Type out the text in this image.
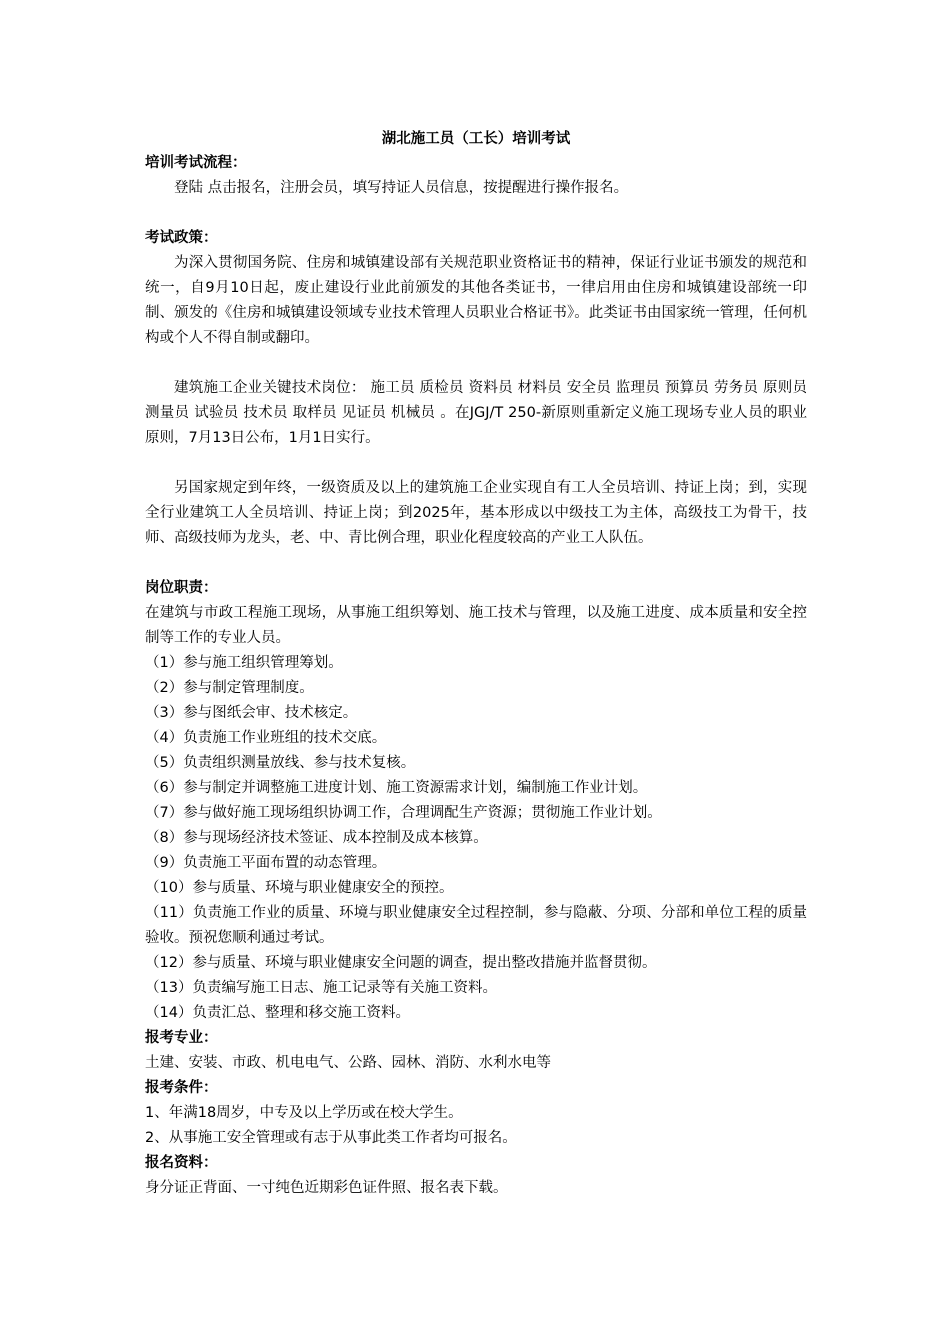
湖北施工员（工长）培训考试

培训考试流程：

登陆 点击报名，注册会员，填写持证人员信息，按提醒进行操作报名。

考试政策：

为深入贯彻国务院、住房和城镇建设部有关规范职业资格证书的精神，保证行业证书颁发的规范和统一，自9月10日起，废止建设行业此前颁发的其他各类证书，一律启用由住房和城镇建设部统一印制、颁发的《住房和城镇建设领域专业技术管理人员职业合格证书》。此类证书由国家统一管理，任何机构或个人不得自制或翻印。

建筑施工企业关键技术岗位： 施工员 质检员 资料员 材料员 安全员 监理员 预算员 劳务员 原则员 测量员 试验员 技术员 取样员 见证员 机械员 。在JGJ/T 250-新原则重新定义施工现场专业人员的职业原则，7月13日公布，1月1日实行。

另国家规定到年终，一级资质及以上的建筑施工企业实现自有工人全员培训、持证上岗；到，实现全行业建筑工人全员培训、持证上岗；到2025年，基本形成以中级技工为主体，高级技工为骨干，技师、高级技师为龙头，老、中、青比例合理，职业化程度较高的产业工人队伍。

岗位职责：

在建筑与市政工程施工现场，从事施工组织筹划、施工技术与管理，以及施工进度、成本质量和安全控制等工作的专业人员。

（1）参与施工组织管理筹划。
（2）参与制定管理制度。
（3）参与图纸会审、技术核定。
（4）负责施工作业班组的技术交底。
（5）负责组织测量放线、参与技术复核。
（6）参与制定并调整施工进度计划、施工资源需求计划，编制施工作业计划。
（7）参与做好施工现场组织协调工作，合理调配生产资源；贯彻施工作业计划。
（8）参与现场经济技术签证、成本控制及成本核算。
（9）负责施工平面布置的动态管理。
（10）参与质量、环境与职业健康安全的预控。
（11）负责施工作业的质量、环境与职业健康安全过程控制，参与隐蔽、分项、分部和单位工程的质量验收。预祝您顺利通过考试。
（12）参与质量、环境与职业健康安全问题的调查，提出整改措施并监督贯彻。
（13）负责编写施工日志、施工记录等有关施工资料。
（14）负责汇总、整理和移交施工资料。

报考专业：

土建、安装、市政、机电电气、公路、园林、消防、水利水电等

报考条件：

1、年满18周岁，中专及以上学历或在校大学生。

2、从事施工安全管理或有志于从事此类工作者均可报名。

报名资料：

身分证正背面、一寸纯色近期彩色证件照、报名表下载。
